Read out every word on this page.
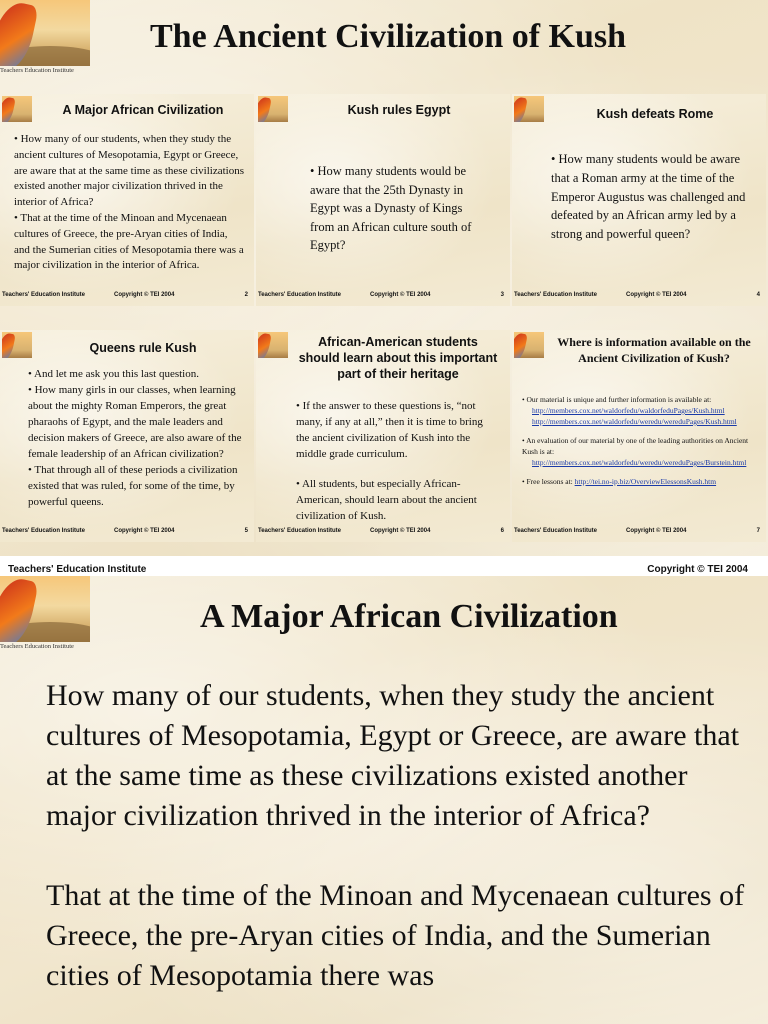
Teachers Education Institute
The Ancient Civilization of Kush
A Major African Civilization

• How many of our students, when they study the ancient cultures of Mesopotamia, Egypt or Greece, are aware that at the same time as these civilizations existed another major civilization thrived in the interior of Africa?

• That at the time of the Minoan and Mycenaean cultures of Greece, the pre-Aryan cities of India, and the Sumerian cities of Mesopotamia there was a major civilization in the interior of Africa.

Teachers' Education Institute	Copyright © TEI 2004	2
Kush rules Egypt

• How many students would be aware that the 25th Dynasty in Egypt was a Dynasty of Kings from an African culture south of Egypt?

Teachers' Education Institute	Copyright © TEI 2004	3
Kush defeats Rome

• How many students would be aware that a Roman army at the time of the Emperor Augustus was challenged and defeated by an African army led by a strong and powerful queen?

Teachers' Education Institute	Copyright © TEI 2004	4
Queens rule Kush

• And let me ask you this last question.

• How many girls in our classes, when learning about the mighty Roman Emperors, the great pharaohs of Egypt, and the male leaders and decision makers of Greece, are also aware of the female leadership of an African civilization?

• That through all of these periods a civilization existed that was ruled, for some of the time, by powerful queens.

Teachers' Education Institute	Copyright © TEI 2004	5
African-American students should learn about this important part of their heritage

• If the answer to these questions is, “not many, if any at all,” then it is time to bring the ancient civilization of Kush into the middle grade curriculum.

• All students, but especially African-American, should learn about the ancient civilization of Kush.

Teachers' Education Institute	Copyright © TEI 2004	6
Where is information available on the Ancient Civilization of Kush?

• Our material is unique and further information is available at:

http://members.cox.net/waldorfedu/waldorfeduPages/Kush.html

http://members.cox.net/waldorfedu/weredu/wereduPages/Kush.html

• An evaluation of our material by one of the leading authorities on Ancient Kush is at:

http://members.cox.net/waldorfedu/weredu/wereduPages/Burstein.html

• Free lessons at: http://tei.no-ip.biz/OverviewElessonsKush.htm

Teachers' Education Institute	Copyright © TEI 2004	7
Teachers' Education Institute	Copyright © TEI 2004
Teachers Education Institute
A Major African Civilization

How many of our students, when they study the ancient cultures of Mesopotamia, Egypt or Greece, are aware that at the same time as these civilizations existed another major civilization thrived in the interior of Africa?

That at the time of the Minoan and Mycenaean cultures of Greece, the pre-Aryan cities of India, and the Sumerian cities of Mesopotamia there was
